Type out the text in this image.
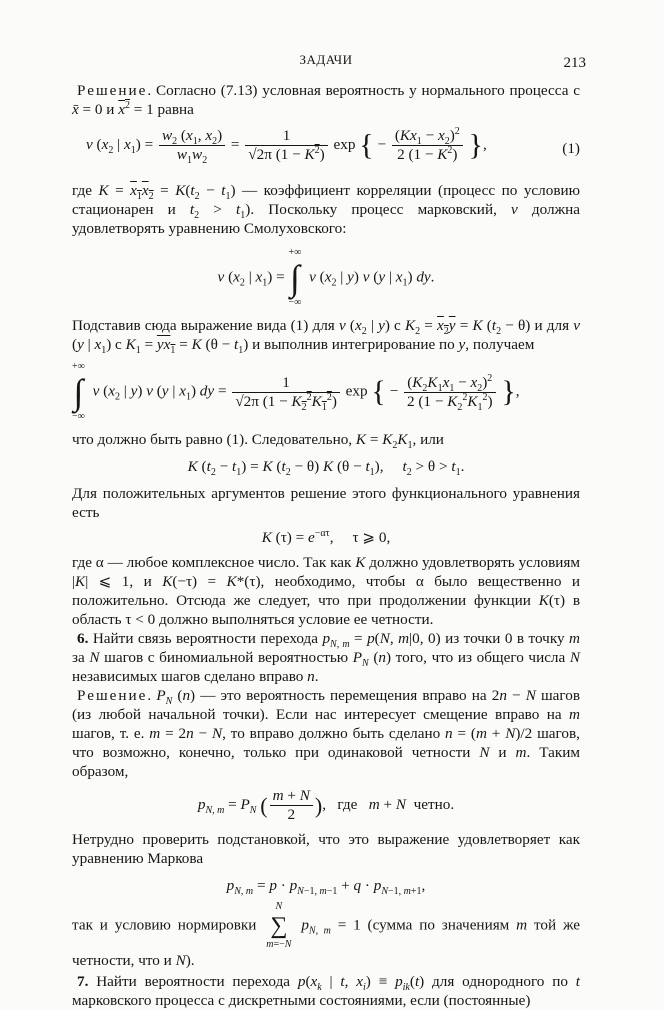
ЗАДАЧИ	213

Решение. Согласно (7.13) условная вероятность у нормального процесса с x̄ = 0 и $x^2 = 1$ равна

v ($x_2$ | $x_1) = \frac{w_2 (x_1, x_2)}{w_1w_2} = \frac{1}{√2\pi (1 - K^2)}$ exp { − $\frac{(Kx_1 - x_2)^2}{2 (1 - K^2)}$ },	(1)

где $K = x_1x_2 = K(t_2 - t_1)$ — коэффициент корреляции (процесс по условию стационарен и $t_2 > t_1$). Поскольку процесс марковский, v должна удовлетворять уравнению Смолуховского:

v ($x_2$ | $x_1$) =
+∞
∫
−∞
v ($x_2$ | y) v (y | $x_1$) dy.

Подставив сюда выражение вида (1) для v ($x_2$ | y) с $K_2 = x_2y = K$ $(t_2 - \theta)$ и для v (y | $x_1$) с $K_1 = yx_1 = K$ $(\theta - t_1)$ и выполнив интегрирование по y, получаем

+∞
∫
−∞
v ($x_2$ | y) v (y | $x_1$) dy = $\frac{1}{√2\pi (1 - K_2^2K_1^2)}$ exp { − $\frac{(K_2K_1x_1 - x_2)^2}{2 (1 - K_2^2K_1^2)}$ },

что должно быть равно (1). Следовательно, $K = K_2K_1$, или

K $(t_2 - t_1) = K$ $(t_2 - \theta)$ K $(\theta - t_1)$,     $t_2 > \theta > t_1$.

Для положительных аргументов решение этого функционального уравнения есть

K $(\tau) = e^{-\alpha\tau}$,     τ ⩾ 0,

где α — любое комплексное число. Так как K должно удовлетворять условиям |K| ⩽ 1, и K(−τ) = K*(τ), необходимо, чтобы α было вещественно и положительно. Отсюда же следует, что при продолжении функции K(τ) в область τ < 0 должно выполняться условие ее четности.

6. Найти связь вероятности перехода $p_{N, m} = p(N$, m|0, 0) из точки 0 в точку m за N шагов с биномиальной вероятностью $P_N$ (n) того, что из общего числа N независимых шагов сделано вправо n.

Решение. $P_N$ (n) — это вероятность перемещения вправо на 2n − N шагов (из любой начальной точки). Если нас интересует смещение вправо на m шагов, т. е. m = 2n − N, то вправо должно быть сделано n = (m + N)/2 шагов, что возможно, конечно, только при одинаковой четности N и m. Таким образом,

$p_{N, m} = P_N$ ( $\frac{m + N}{2}$ ),   где   m + N  четно.

Нетрудно проверить подстановкой, что это выражение удовлетворяет как уравнению Маркова

$p_{N, m} = p \cdot p_{N-1, m-1} + q \cdot p_{N-1, m+1}$,

так и условию нормировки
N
∑
m=−N
$p_{N, m} = 1$ (сумма по значениям m той же четности, что и N).

7. Найти вероятности перехода $p(x_k$ | t, $x_i) \equiv p_{ik}(t)$ для однородного по t марковского процесса с дискретными состояниями, если (постоянные)
